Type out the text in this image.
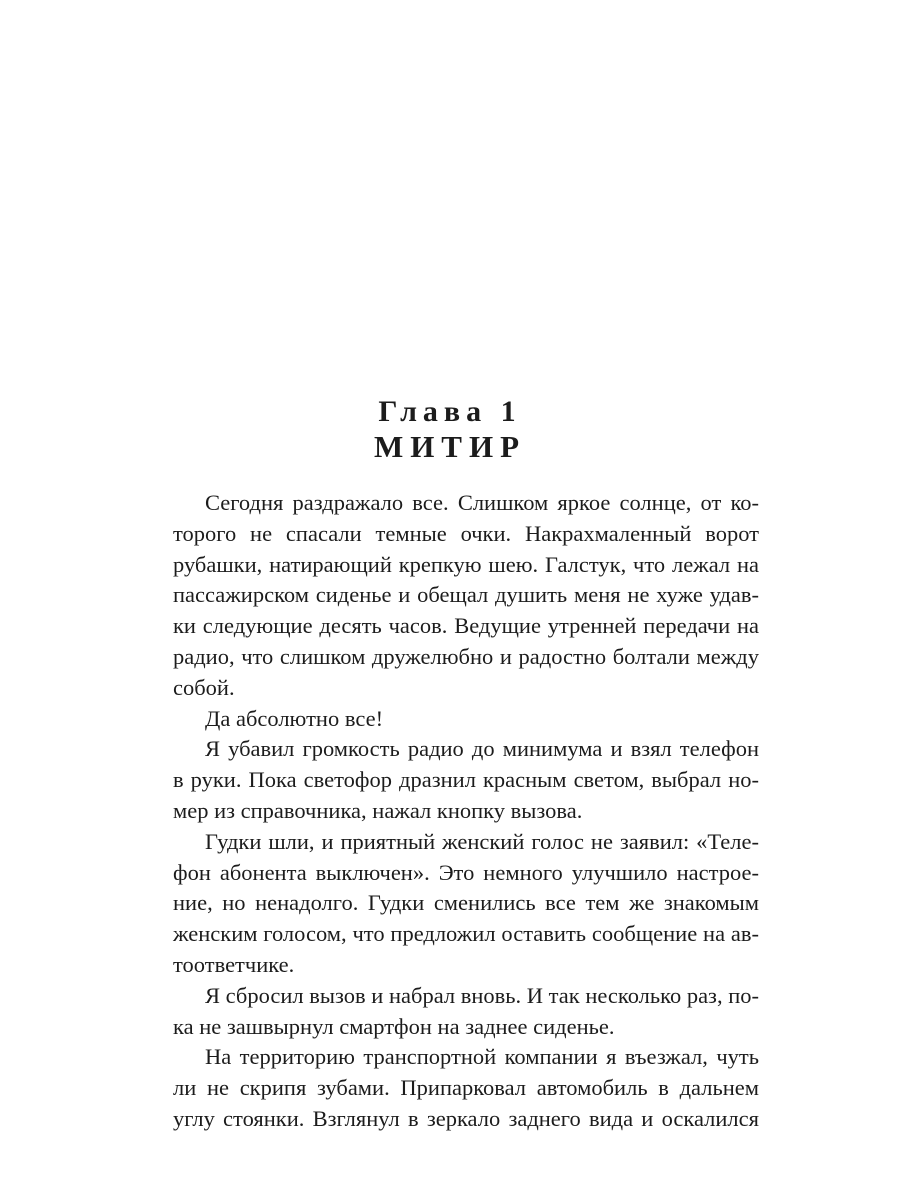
Глава 1

МИТИР

Сегодня раздражало все. Слишком яркое солнце, от ко-
торого не спасали темные очки. Накрахмаленный ворот
рубашки, натирающий крепкую шею. Галстук, что лежал на
пассажирском сиденье и обещал душить меня не хуже удав-
ки следующие десять часов. Ведущие утренней передачи на
радио, что слишком дружелюбно и радостно болтали между
собой.

Да абсолютно все!

Я убавил громкость радио до минимума и взял телефон
в руки. Пока светофор дразнил красным светом, выбрал но-
мер из справочника, нажал кнопку вызова.

Гудки шли, и приятный женский голос не заявил: «Теле-
фон абонента выключен». Это немного улучшило настрое-
ние, но ненадолго. Гудки сменились все тем же знакомым
женским голосом, что предложил оставить сообщение на ав-
тоответчике.

Я сбросил вызов и набрал вновь. И так несколько раз, по-
ка не зашвырнул смартфон на заднее сиденье.

На территорию транспортной компании я въезжал, чуть
ли не скрипя зубами. Припарковал автомобиль в дальнем
углу стоянки. Взглянул в зеркало заднего вида и оскалился
